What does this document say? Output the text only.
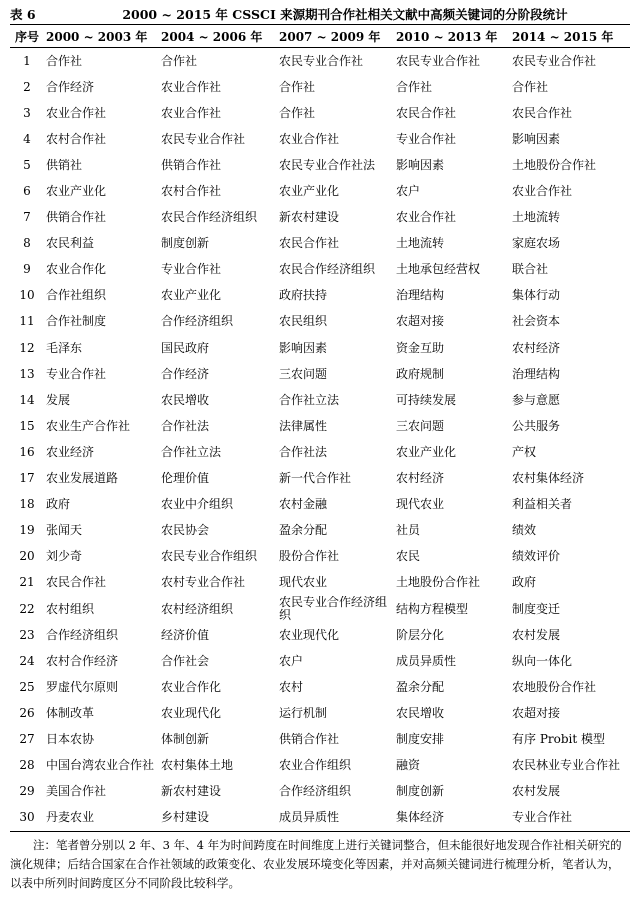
表 6	2000 ~ 2015 年 CSSCI 来源期刊合作社相关文献中高频关键词的分阶段统计
序号	2000 ~ 2003 年	2004 ~ 2006 年	2007 ~ 2009 年	2010 ~ 2013 年	2014 ~ 2015 年
1	合作社	合作社	农民专业合作社	农民专业合作社	农民专业合作社
2	合作经济	农业合作社	合作社	合作社	合作社
3	农业合作社	农业合作社	合作社	农民合作社	农民合作社
4	农村合作社	农民专业合作社	农业合作社	专业合作社	影响因素
5	供销社	供销合作社	农民专业合作社法	影响因素	土地股份合作社
6	农业产业化	农村合作社	农业产业化	农户	农业合作社
7	供销合作社	农民合作经济组织	新农村建设	农业合作社	土地流转
8	农民利益	制度创新	农民合作社	土地流转	家庭农场
9	农业合作化	专业合作社	农民合作经济组织	土地承包经营权	联合社
10	合作社组织	农业产业化	政府扶持	治理结构	集体行动
11	合作社制度	合作经济组织	农民组织	农超对接	社会资本
12	毛泽东	国民政府	影响因素	资金互助	农村经济
13	专业合作社	合作经济	三农问题	政府规制	治理结构
14	发展	农民增收	合作社立法	可持续发展	参与意愿
15	农业生产合作社	合作社法	法律属性	三农问题	公共服务
16	农业经济	合作社立法	合作社法	农业产业化	产权
17	农业发展道路	伦理价值	新一代合作社	农村经济	农村集体经济
18	政府	农业中介组织	农村金融	现代农业	利益相关者
19	张闻天	农民协会	盈余分配	社员	绩效
20	刘少奇	农民专业合作组织	股份合作社	农民	绩效评价
21	农民合作社	农村专业合作社	现代农业	土地股份合作社	政府
22	农村组织	农村经济组织	农民专业合作经济组织	结构方程模型	制度变迁
23	合作经济组织	经济价值	农业现代化	阶层分化	农村发展
24	农村合作经济	合作社会	农户	成员异质性	纵向一体化
25	罗虚代尔原则	农业合作化	农村	盈余分配	农地股份合作社
26	体制改革	农业现代化	运行机制	农民增收	农超对接
27	日本农协	体制创新	供销合作社	制度安排	有序 Probit 模型
28	中国台湾农业合作社	农村集体土地	农业合作组织	融资	农民林业专业合作社
29	美国合作社	新农村建设	合作经济组织	制度创新	农村发展
30	丹麦农业	乡村建设	成员异质性	集体经济	专业合作社
注：笔者曾分别以 2 年、3 年、4 年为时间跨度在时间维度上进行关键词整合，但未能很好地发现合作社相关研究的演化规律；后结合国家在合作社领域的政策变化、农业发展环境变化等因素，并对高频关键词进行梳理分析，笔者认为，以表中所列时间跨度区分不同阶段比较科学。
